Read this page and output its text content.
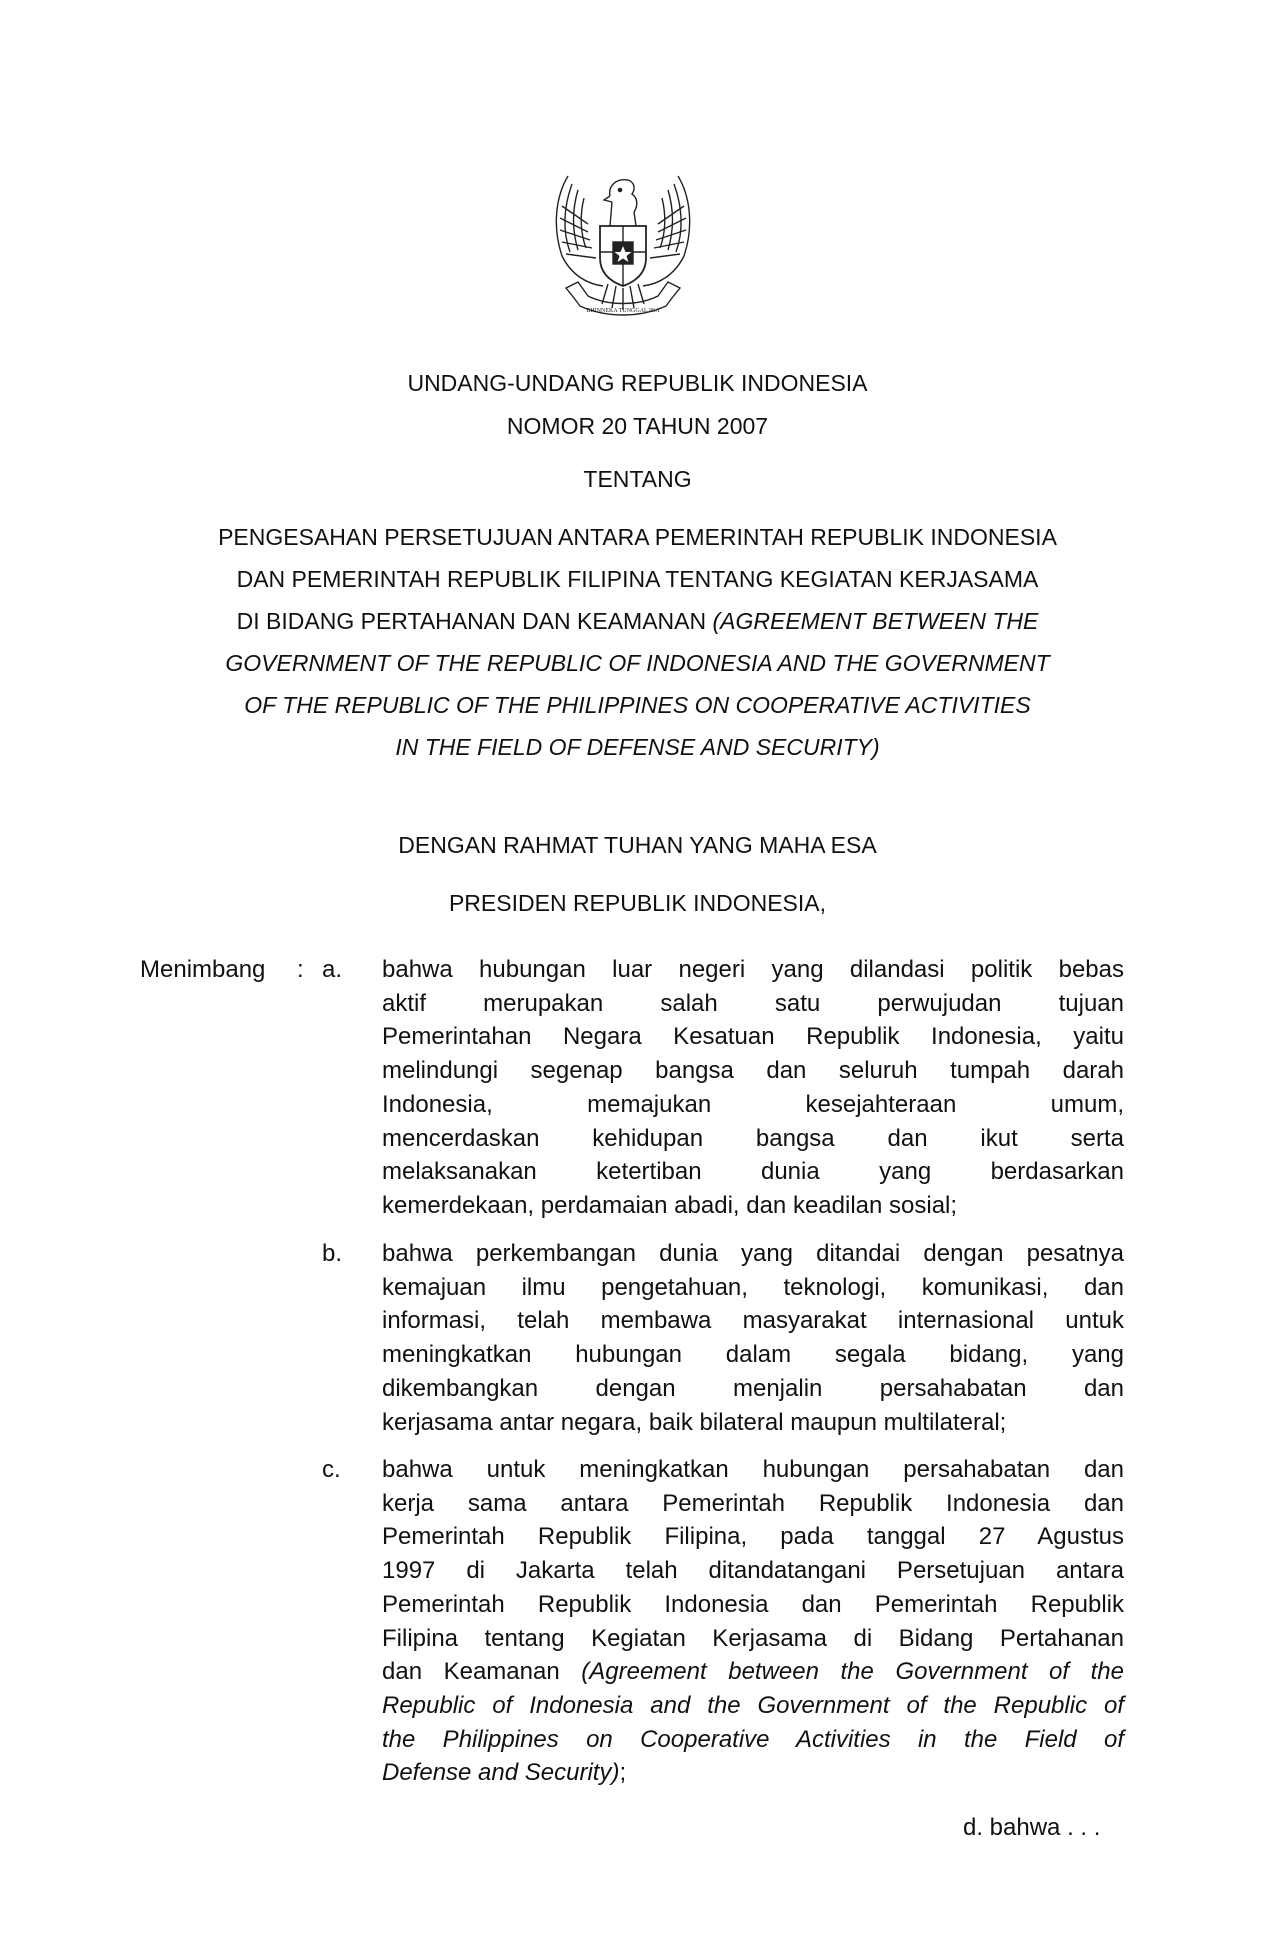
BHINNEKA TUNGGAL IKA
UNDANG-UNDANG REPUBLIK INDONESIA
NOMOR 20 TAHUN 2007
TENTANG
PENGESAHAN PERSETUJUAN ANTARA PEMERINTAH REPUBLIK INDONESIA
DAN PEMERINTAH REPUBLIK FILIPINA TENTANG KEGIATAN KERJASAMA
DI BIDANG PERTAHANAN DAN KEAMANAN (AGREEMENT BETWEEN THE
GOVERNMENT OF THE REPUBLIC OF INDONESIA AND THE GOVERNMENT
OF THE REPUBLIC OF THE PHILIPPINES ON COOPERATIVE ACTIVITIES
IN THE FIELD OF DEFENSE AND SECURITY)
DENGAN RAHMAT TUHAN YANG MAHA ESA
PRESIDEN REPUBLIK INDONESIA,
Menimbang : a. bahwa hubungan luar negeri yang dilandasi politik bebas
aktif merupakan salah satu perwujudan tujuan
Pemerintahan Negara Kesatuan Republik Indonesia, yaitu
melindungi segenap bangsa dan seluruh tumpah darah
Indonesia, memajukan kesejahteraan umum,
mencerdaskan kehidupan bangsa dan ikut serta
melaksanakan ketertiban dunia yang berdasarkan
kemerdekaan, perdamaian abadi, dan keadilan sosial;
b. bahwa perkembangan dunia yang ditandai dengan pesatnya
kemajuan ilmu pengetahuan, teknologi, komunikasi, dan
informasi, telah membawa masyarakat internasional untuk
meningkatkan hubungan dalam segala bidang, yang
dikembangkan dengan menjalin persahabatan dan
kerjasama antar negara, baik bilateral maupun multilateral;
c. bahwa untuk meningkatkan hubungan persahabatan dan
kerja sama antara Pemerintah Republik Indonesia dan
Pemerintah Republik Filipina, pada tanggal 27 Agustus
1997 di Jakarta telah ditandatangani Persetujuan antara
Pemerintah Republik Indonesia dan Pemerintah Republik
Filipina tentang Kegiatan Kerjasama di Bidang Pertahanan
dan Keamanan (Agreement between the Government of the
Republic of Indonesia and the Government of the Republic of
the Philippines on Cooperative Activities in the Field of
Defense and Security);
d. bahwa . . .
